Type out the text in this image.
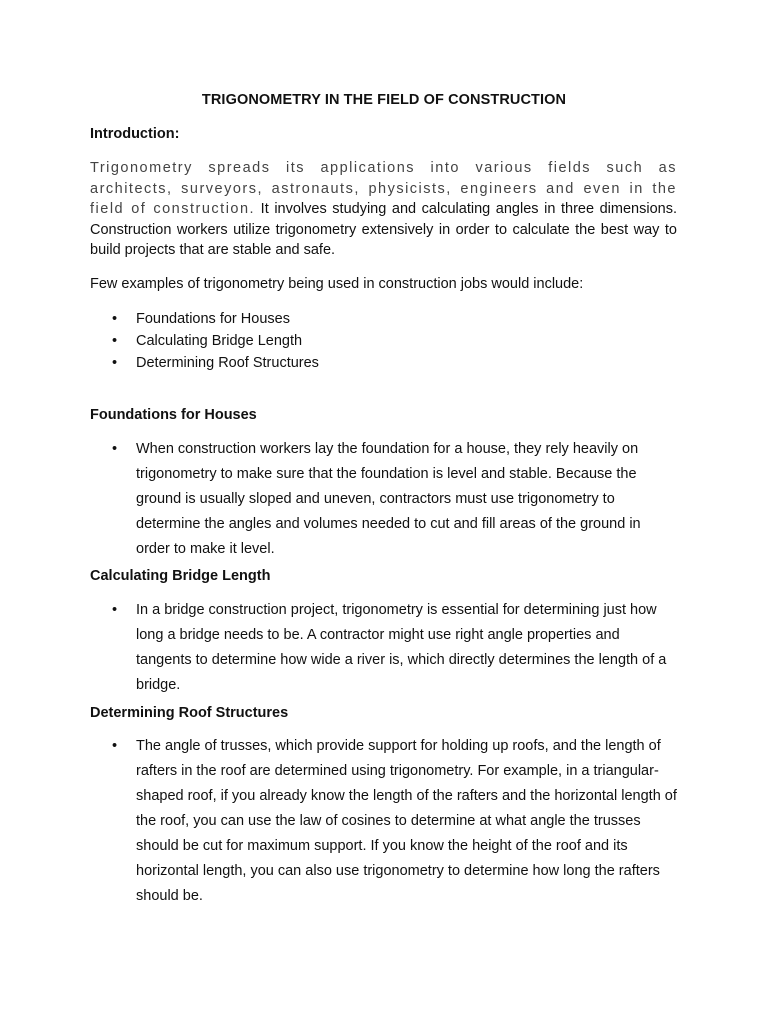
TRIGONOMETRY IN THE FIELD OF CONSTRUCTION
Introduction:
Trigonometry spreads its applications into various fields such as architects, surveyors, astronauts, physicists, engineers and even in the field of construction. It involves studying and calculating angles in three dimensions. Construction workers utilize trigonometry extensively in order to calculate the best way to build projects that are stable and safe.
Few examples of trigonometry being used in construction jobs would include:
• Foundations for Houses
• Calculating Bridge Length
• Determining Roof Structures
Foundations for Houses
• When construction workers lay the foundation for a house, they rely heavily on trigonometry to make sure that the foundation is level and stable. Because the ground is usually sloped and uneven, contractors must use trigonometry to determine the angles and volumes needed to cut and fill areas of the ground in order to make it level.
Calculating Bridge Length
• In a bridge construction project, trigonometry is essential for determining just how long a bridge needs to be. A contractor might use right angle properties and tangents to determine how wide a river is, which directly determines the length of a bridge.
Determining Roof Structures
• The angle of trusses, which provide support for holding up roofs, and the length of rafters in the roof are determined using trigonometry. For example, in a triangular-shaped roof, if you already know the length of the rafters and the horizontal length of the roof, you can use the law of cosines to determine at what angle the trusses should be cut for maximum support. If you know the height of the roof and its horizontal length, you can also use trigonometry to determine how long the rafters should be.
